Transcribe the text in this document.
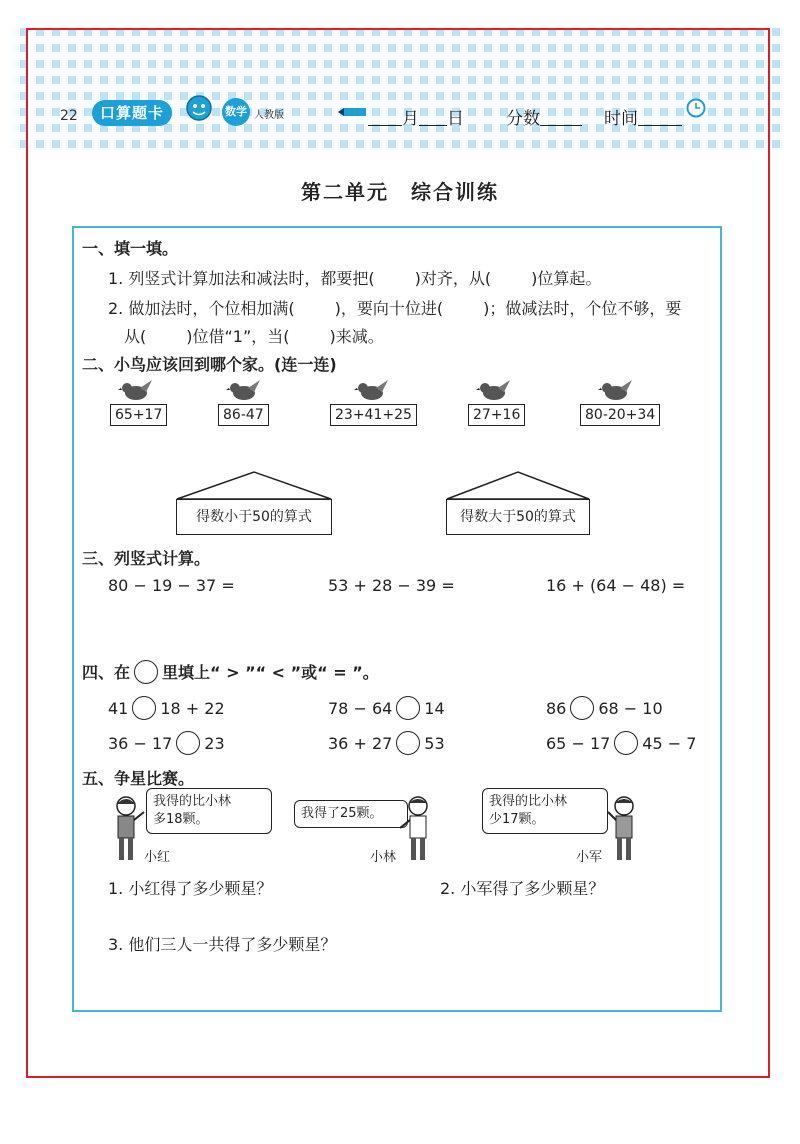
22	口算题卡	数学 人教版	月 日 分数	时间
第二单元　综合训练
一、填一填。
1. 列竖式计算加法和减法时，都要把(	)对齐，从(	)位算起。
2. 做加法时，个位相加满(	)，要向十位进(	)；做减法时，个位不够，要
从(	)位借“1”，当(	)来减。
二、小鸟应该回到哪个家。(连一连)
65+17	86-47	23+41+25	27+16	80-20+34
得数小于50的算式	得数大于50的算式
三、列竖式计算。
80 − 19 − 37 =	53 + 28 − 39 =	16 + (64 − 48) =
四、在 里填上“ > ”“ < ”或“ = ”。
41 18 + 22	78 − 64 14	86 68 − 10
36 − 17 23	36 + 27 53	65 − 17 45 − 7
五、争星比赛。
我得的比小林
多18颗。
小红
我得了25颗。
小林
我得的比小林
少17颗。
小军
1. 小红得了多少颗星？	2. 小军得了多少颗星？
3. 他们三人一共得了多少颗星？
